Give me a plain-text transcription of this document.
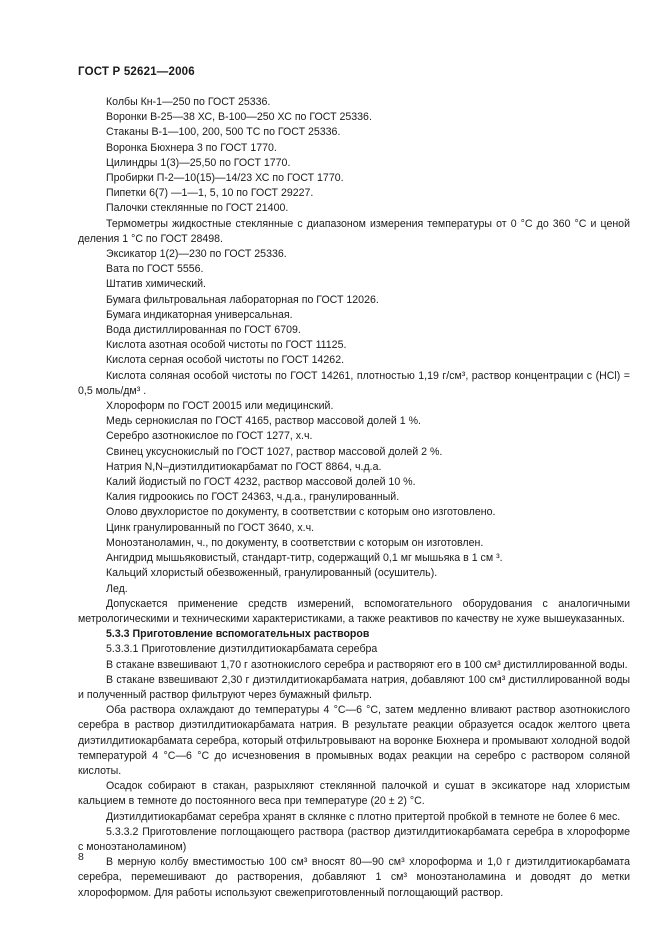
ГОСТ Р 52621—2006

Колбы Кн-1—250 по ГОСТ 25336.

Воронки В-25—38 ХС, В-100—250 ХС по ГОСТ 25336.

Стаканы В-1—100, 200, 500 ТС по ГОСТ 25336.

Воронка Бюхнера 3 по ГОСТ 1770.

Цилиндры 1(3)—25,50 по ГОСТ 1770.

Пробирки П-2—10(15)—14/23 ХС по ГОСТ 1770.

Пипетки 6(7) —1—1, 5, 10 по ГОСТ 29227.

Палочки стеклянные по ГОСТ 21400.

Термометры жидкостные стеклянные с диапазоном измерения температуры от 0 °С до 360 °С и ценой деления 1 °С по ГОСТ 28498.

Эксикатор 1(2)—230 по ГОСТ 25336.

Вата по ГОСТ 5556.

Штатив химический.

Бумага фильтровальная лабораторная по ГОСТ 12026.

Бумага индикаторная универсальная.

Вода дистиллированная по ГОСТ 6709.

Кислота азотная особой чистоты по ГОСТ 11125.

Кислота серная особой чистоты по ГОСТ 14262.

Кислота соляная особой чистоты по ГОСТ 14261, плотностью 1,19 г/см³, раствор концентрации с (HCl) = 0,5 моль/дм³ .

Хлороформ по ГОСТ 20015 или медицинский.

Медь сернокислая по ГОСТ 4165, раствор массовой долей 1 %.

Серебро азотнокислое по ГОСТ 1277, х.ч.

Свинец уксуснокислый по ГОСТ 1027, раствор массовой долей 2 %.

Натрия N,N–диэтилдитиокарбамат по ГОСТ 8864, ч.д.а.

Калий йодистый по ГОСТ 4232, раствор массовой долей 10 %.

Калия гидроокись по ГОСТ 24363, ч.д.а., гранулированный.

Олово двухлористое по документу, в соответствии с которым оно изготовлено.

Цинк гранулированный по ГОСТ 3640, х.ч.

Моноэтаноламин, ч., по документу, в соответствии с которым он изготовлен.

Ангидрид мышьяковистый, стандарт-титр, содержащий 0,1 мг мышьяка в 1 см ³.

Кальций хлористый обезвоженный, гранулированный (осушитель).

Лед.

Допускается применение средств измерений, вспомогательного оборудования с аналогичными метрологическими и техническими характеристиками, а также реактивов по качеству не хуже вышеуказанных.

5.3.3 Приготовление вспомогательных растворов

5.3.3.1 Приготовление диэтилдитиокарбамата серебра

В стакане взвешивают 1,70 г азотнокислого серебра и растворяют его в 100 см³ дистиллированной воды.

В стакане взвешивают 2,30 г диэтилдитиокарбамата натрия, добавляют 100 см³ дистиллированной воды и полученный раствор фильтруют через бумажный фильтр.

Оба раствора охлаждают до температуры 4 °С—6 °С, затем медленно вливают раствор азотнокислого серебра в раствор диэтилдитиокарбамата натрия. В результате реакции образуется осадок желтого цвета диэтилдитиокарбамата серебра, который отфильтровывают на воронке Бюхнера и промывают холодной водой температурой 4 °С—6 °С до исчезновения в промывных водах реакции на серебро с раствором соляной кислоты.

Осадок собирают в стакан, разрыхляют стеклянной палочкой и сушат в эксикаторе над хлористым кальцием в темноте до постоянного веса при температуре (20 ± 2) °С.

Диэтилдитиокарбамат серебра хранят в склянке с плотно притертой пробкой в темноте не более 6 мес.

5.3.3.2 Приготовление поглощающего раствора (раствор диэтилдитиокарбамата серебра в хлороформе с моноэтаноламином)

В мерную колбу вместимостью 100 см³ вносят 80—90 см³ хлороформа и 1,0 г диэтилдитиокарбамата серебра, перемешивают до растворения, добавляют 1 см³ моноэтаноламина и доводят до метки хлороформом. Для работы используют свежеприготовленный поглощающий раствор.

8
